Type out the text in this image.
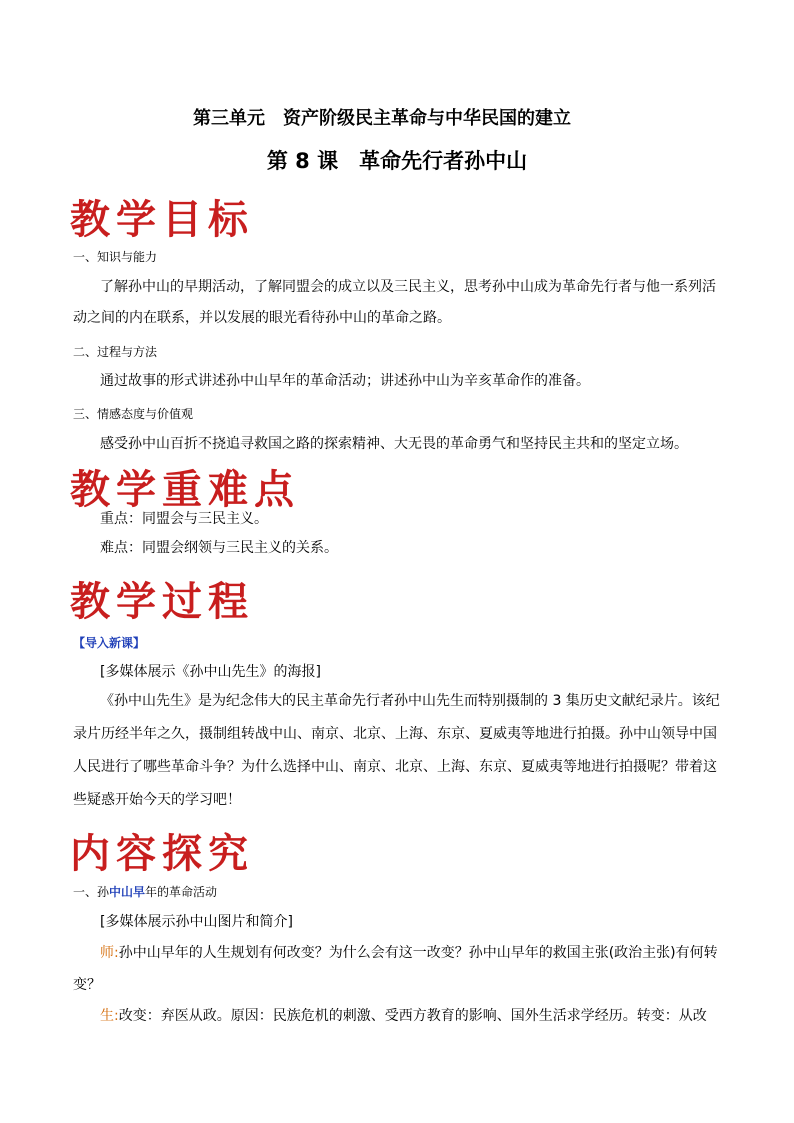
第三单元　资产阶级民主革命与中华民国的建立
第 8 课　革命先行者孙中山
教学目标
一、知识与能力
了解孙中山的早期活动，了解同盟会的成立以及三民主义，思考孙中山成为革命先行者与他一系列活
动之间的内在联系，并以发展的眼光看待孙中山的革命之路。
二、过程与方法
通过故事的形式讲述孙中山早年的革命活动；讲述孙中山为辛亥革命作的准备。
三、情感态度与价值观
感受孙中山百折不挠追寻救国之路的探索精神、大无畏的革命勇气和坚持民主共和的坚定立场。
教学重难点
重点：同盟会与三民主义。
难点：同盟会纲领与三民主义的关系。
教学过程
【导入新课】
[多媒体展示《孙中山先生》的海报]
《孙中山先生》是为纪念伟大的民主革命先行者孙中山先生而特别摄制的 3 集历史文献纪录片。该纪
录片历经半年之久，摄制组转战中山、南京、北京、上海、东京、夏威夷等地进行拍摄。孙中山领导中国
人民进行了哪些革命斗争？为什么选择中山、南京、北京、上海、东京、夏威夷等地进行拍摄呢？带着这
些疑惑开始今天的学习吧！
内容探究
一、孙中山早年的革命活动
[多媒体展示孙中山图片和简介]
师:孙中山早年的人生规划有何改变？为什么会有这一改变？孙中山早年的救国主张(政治主张)有何转
变？
生:改变：弃医从政。原因：民族危机的刺激、受西方教育的影响、国外生活求学经历。转变：从改
